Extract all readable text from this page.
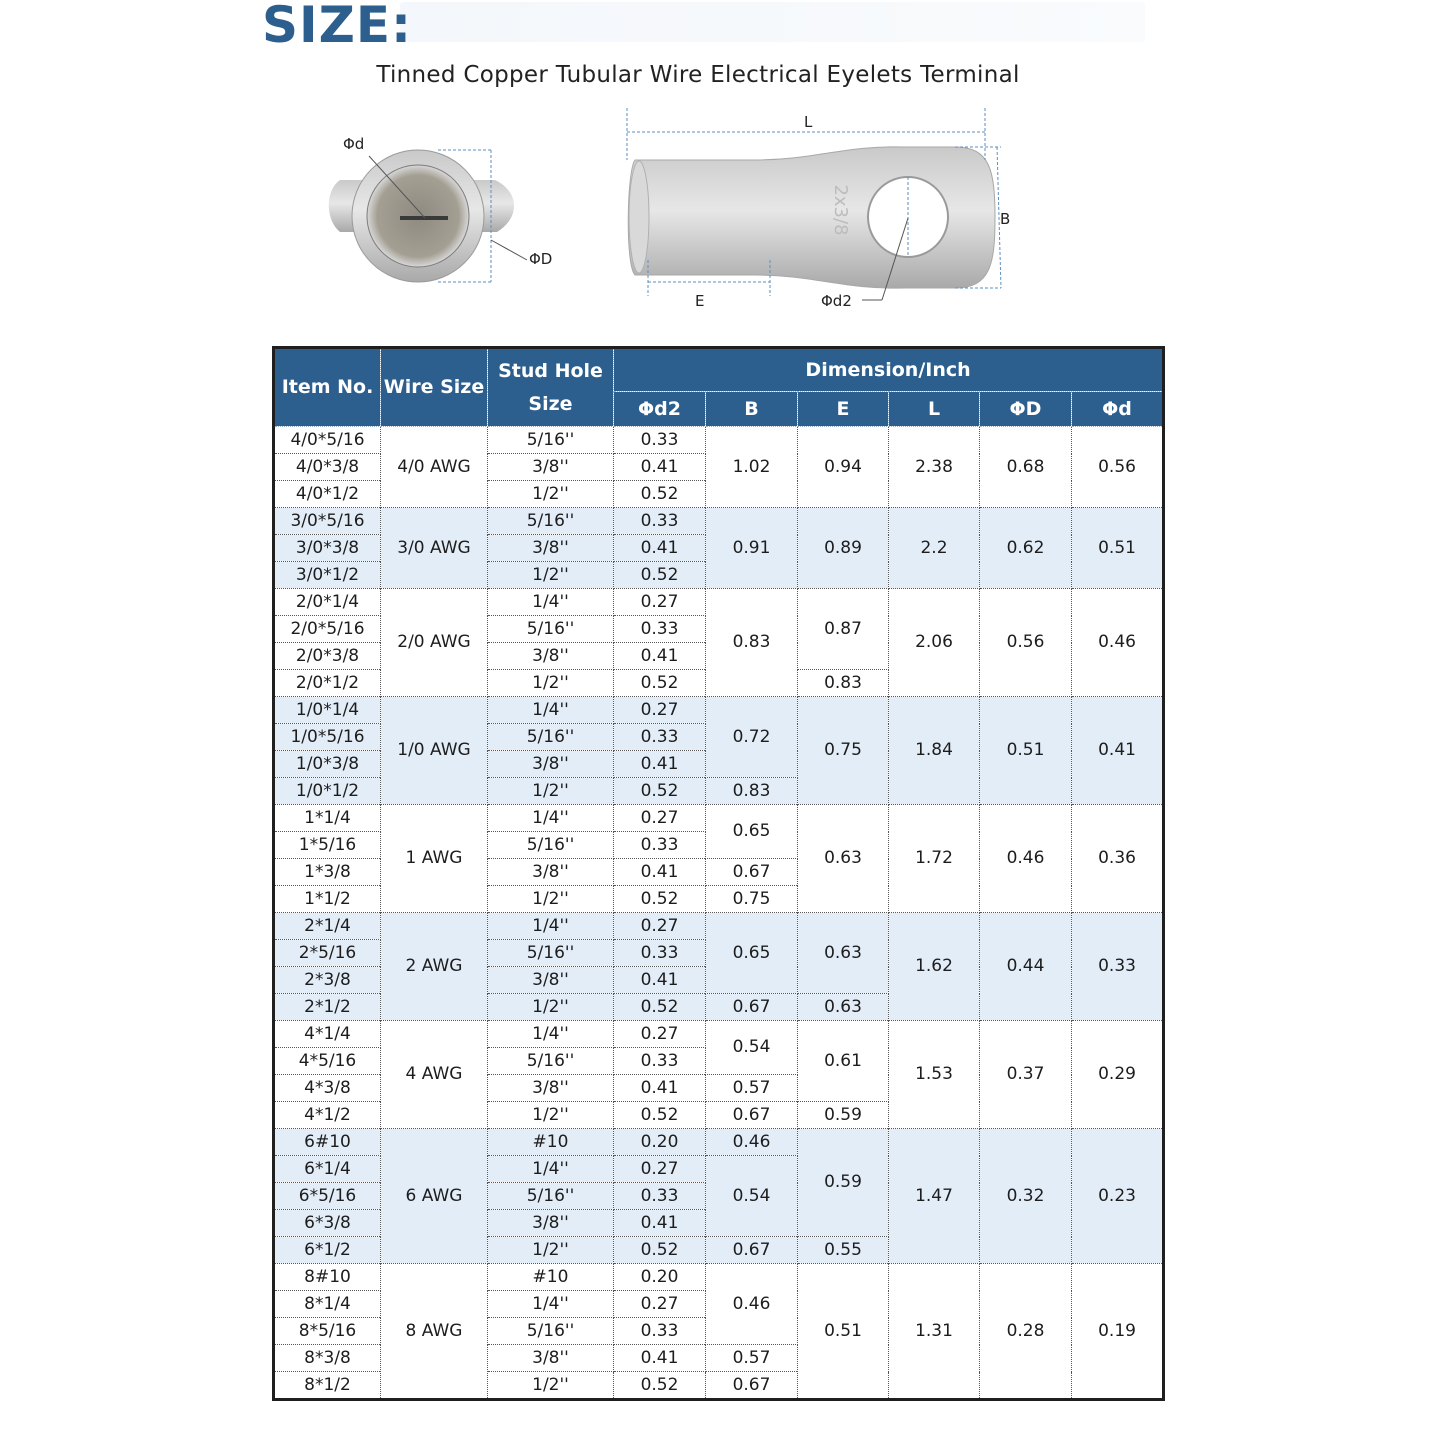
SIZE:
Tinned Copper Tubular Wire Electrical Eyelets Terminal
Φd
ΦD
2x3/8
L
B
E	Φd2
Item No.	Wire Size	Stud Hole
Size	Dimension/Inch					
			Φd2	B	E	L	ΦD	Φd
4/0*5/16	4/0 AWG	5/16''	0.33	1.02	0.94	2.38	0.68	0.56
4/0*3/8		3/8''	0.41					
4/0*1/2		1/2''	0.52					
3/0*5/16	3/0 AWG	5/16''	0.33	0.91	0.89	2.2	0.62	0.51
3/0*3/8		3/8''	0.41					
3/0*1/2		1/2''	0.52					
2/0*1/4	2/0 AWG	1/4''	0.27	0.83	0.87	2.06	0.56	0.46
2/0*5/16		5/16''	0.33					
2/0*3/8		3/8''	0.41					
2/0*1/2		1/2''	0.52		0.83			
1/0*1/4	1/0 AWG	1/4''	0.27	0.72	0.75	1.84	0.51	0.41
1/0*5/16		5/16''	0.33					
1/0*3/8		3/8''	0.41					
1/0*1/2		1/2''	0.52	0.83				
1*1/4	1 AWG	1/4''	0.27	0.65	0.63	1.72	0.46	0.36
1*5/16		5/16''	0.33					
1*3/8		3/8''	0.41	0.67				
1*1/2		1/2''	0.52	0.75				
2*1/4	2 AWG	1/4''	0.27	0.65	0.63	1.62	0.44	0.33
2*5/16		5/16''	0.33					
2*3/8		3/8''	0.41					
2*1/2		1/2''	0.52	0.67	0.63			
4*1/4	4 AWG	1/4''	0.27	0.54	0.61	1.53	0.37	0.29
4*5/16		5/16''	0.33					
4*3/8		3/8''	0.41	0.57				
4*1/2		1/2''	0.52	0.67	0.59			
6#10	6 AWG	#10	0.20	0.46	0.59	1.47	0.32	0.23
6*1/4		1/4''	0.27	0.54				
6*5/16		5/16''	0.33					
6*3/8		3/8''	0.41					
6*1/2		1/2''	0.52	0.67	0.55			
8#10	8 AWG	#10	0.20	0.46	0.51	1.31	0.28	0.19
8*1/4		1/4''	0.27					
8*5/16		5/16''	0.33					
8*3/8		3/8''	0.41	0.57				
8*1/2		1/2''	0.52	0.67				
